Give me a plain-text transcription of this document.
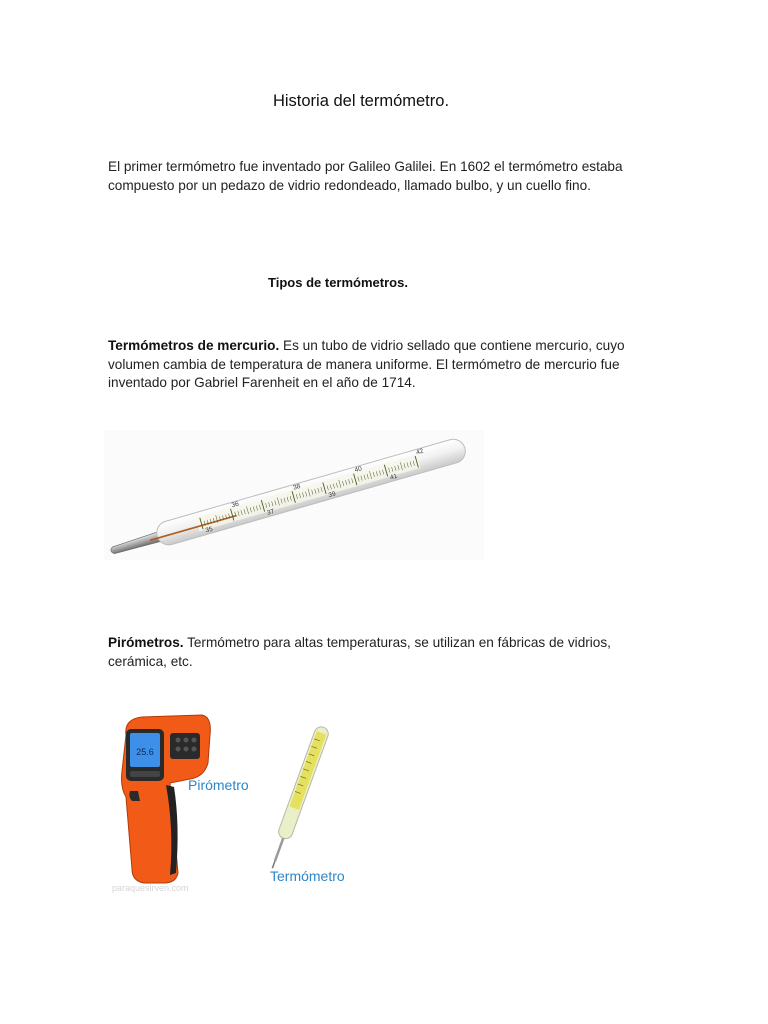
Historia del termómetro.
El primer termómetro fue inventado por Galileo Galilei. En 1602 el termómetro estaba compuesto por un pedazo de vidrio redondeado, llamado bulbo, y un cuello fino.
Tipos de termómetros.
Termómetros de mercurio. Es un tubo de vidrio sellado que contiene mercurio, cuyo volumen cambia de temperatura de manera uniforme. El termómetro de mercurio fue inventado por Gabriel Farenheit en el año de 1714.
35
36
37
38
39
40
41
42
Pirómetros. Termómetro para altas temperaturas, se utilizan en fábricas de vidrios, cerámica, etc.
25.6
Pirómetro
Termómetro
paraquesirven.com
